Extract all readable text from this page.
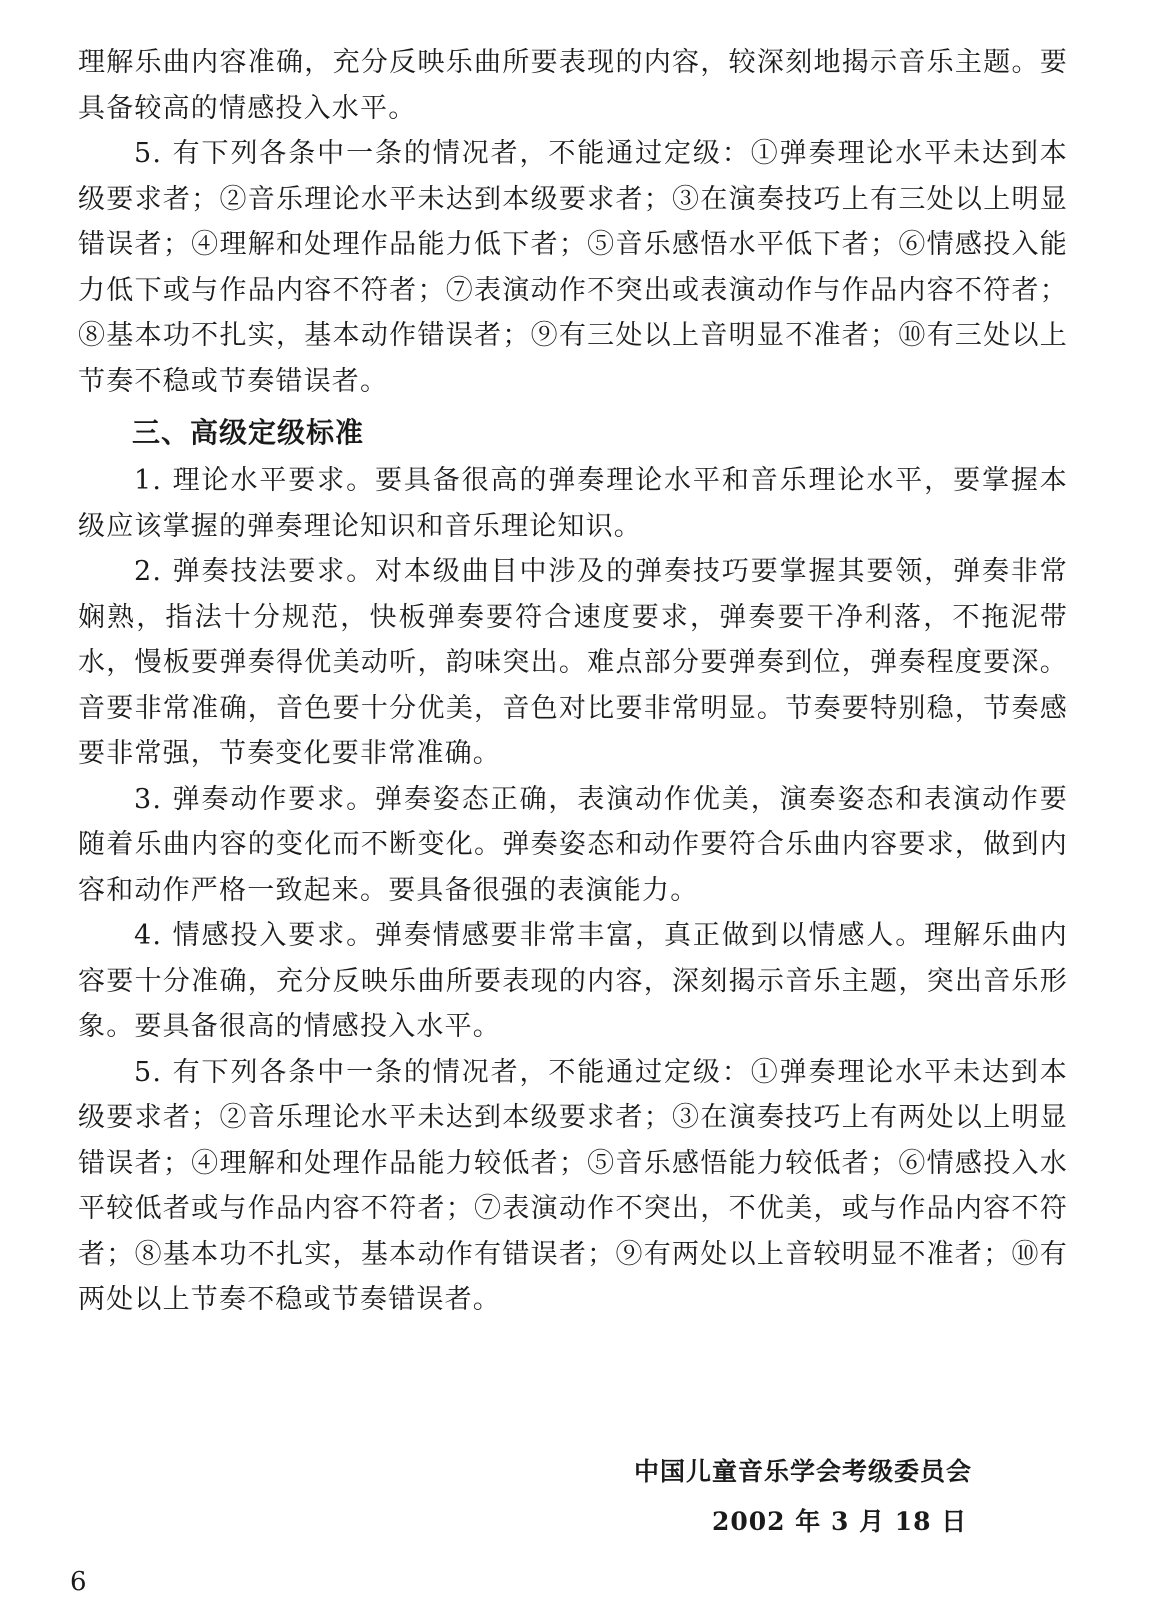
理解乐曲内容准确，充分反映乐曲所要表现的内容，较深刻地揭示音乐主题。要具备较高的情感投入水平。

5. 有下列各条中一条的情况者，不能通过定级：①弹奏理论水平未达到本级要求者；②音乐理论水平未达到本级要求者；③在演奏技巧上有三处以上明显错误者；④理解和处理作品能力低下者；⑤音乐感悟水平低下者；⑥情感投入能力低下或与作品内容不符者；⑦表演动作不突出或表演动作与作品内容不符者；⑧基本功不扎实，基本动作错误者；⑨有三处以上音明显不准者；⑩有三处以上节奏不稳或节奏错误者。

三、高级定级标准

1. 理论水平要求。要具备很高的弹奏理论水平和音乐理论水平，要掌握本级应该掌握的弹奏理论知识和音乐理论知识。

2. 弹奏技法要求。对本级曲目中涉及的弹奏技巧要掌握其要领，弹奏非常娴熟，指法十分规范，快板弹奏要符合速度要求，弹奏要干净利落，不拖泥带水，慢板要弹奏得优美动听，韵味突出。难点部分要弹奏到位，弹奏程度要深。音要非常准确，音色要十分优美，音色对比要非常明显。节奏要特别稳，节奏感要非常强，节奏变化要非常准确。

3. 弹奏动作要求。弹奏姿态正确，表演动作优美，演奏姿态和表演动作要随着乐曲内容的变化而不断变化。弹奏姿态和动作要符合乐曲内容要求，做到内容和动作严格一致起来。要具备很强的表演能力。

4. 情感投入要求。弹奏情感要非常丰富，真正做到以情感人。理解乐曲内容要十分准确，充分反映乐曲所要表现的内容，深刻揭示音乐主题，突出音乐形象。要具备很高的情感投入水平。

5. 有下列各条中一条的情况者，不能通过定级：①弹奏理论水平未达到本级要求者；②音乐理论水平未达到本级要求者；③在演奏技巧上有两处以上明显错误者；④理解和处理作品能力较低者；⑤音乐感悟能力较低者；⑥情感投入水平较低者或与作品内容不符者；⑦表演动作不突出，不优美，或与作品内容不符者；⑧基本功不扎实，基本动作有错误者；⑨有两处以上音较明显不准者；⑩有两处以上节奏不稳或节奏错误者。

中国儿童音乐学会考级委员会
2002 年 3 月 18 日
6
